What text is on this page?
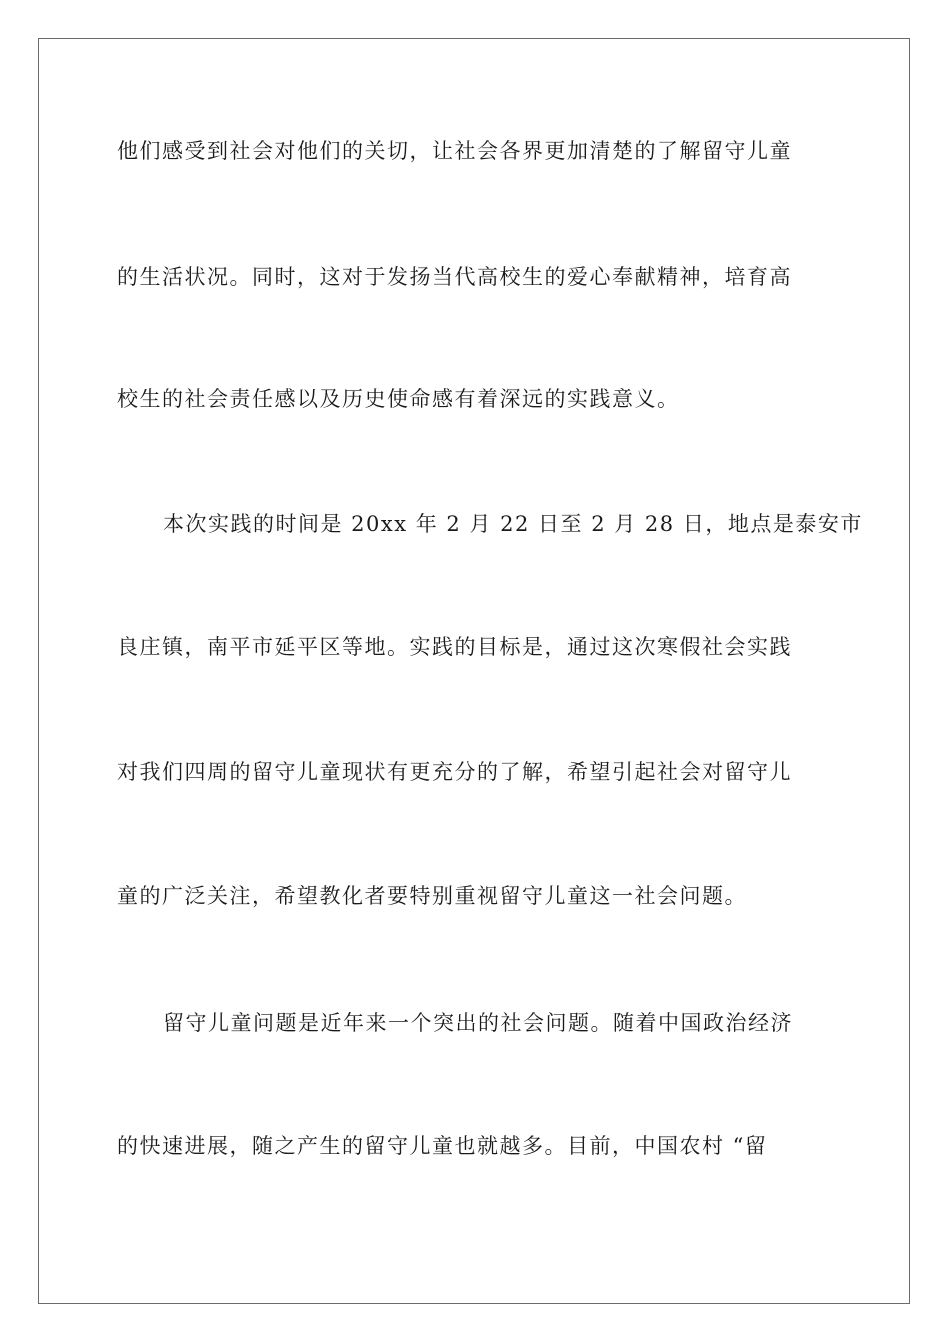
他们感受到社会对他们的关切，让社会各界更加清楚的了解留守儿童
的生活状况。同时，这对于发扬当代高校生的爱心奉献精神，培育高
校生的社会责任感以及历史使命感有着深远的实践意义。
本次实践的时间是 20xx 年 2 月 22 日至 2 月 28 日，地点是泰安市
良庄镇，南平市延平区等地。实践的目标是，通过这次寒假社会实践
对我们四周的留守儿童现状有更充分的了解，希望引起社会对留守儿
童的广泛关注，希望教化者要特别重视留守儿童这一社会问题。
留守儿童问题是近年来一个突出的社会问题。随着中国政治经济
的快速进展，随之产生的留守儿童也就越多。目前，中国农村 “留
